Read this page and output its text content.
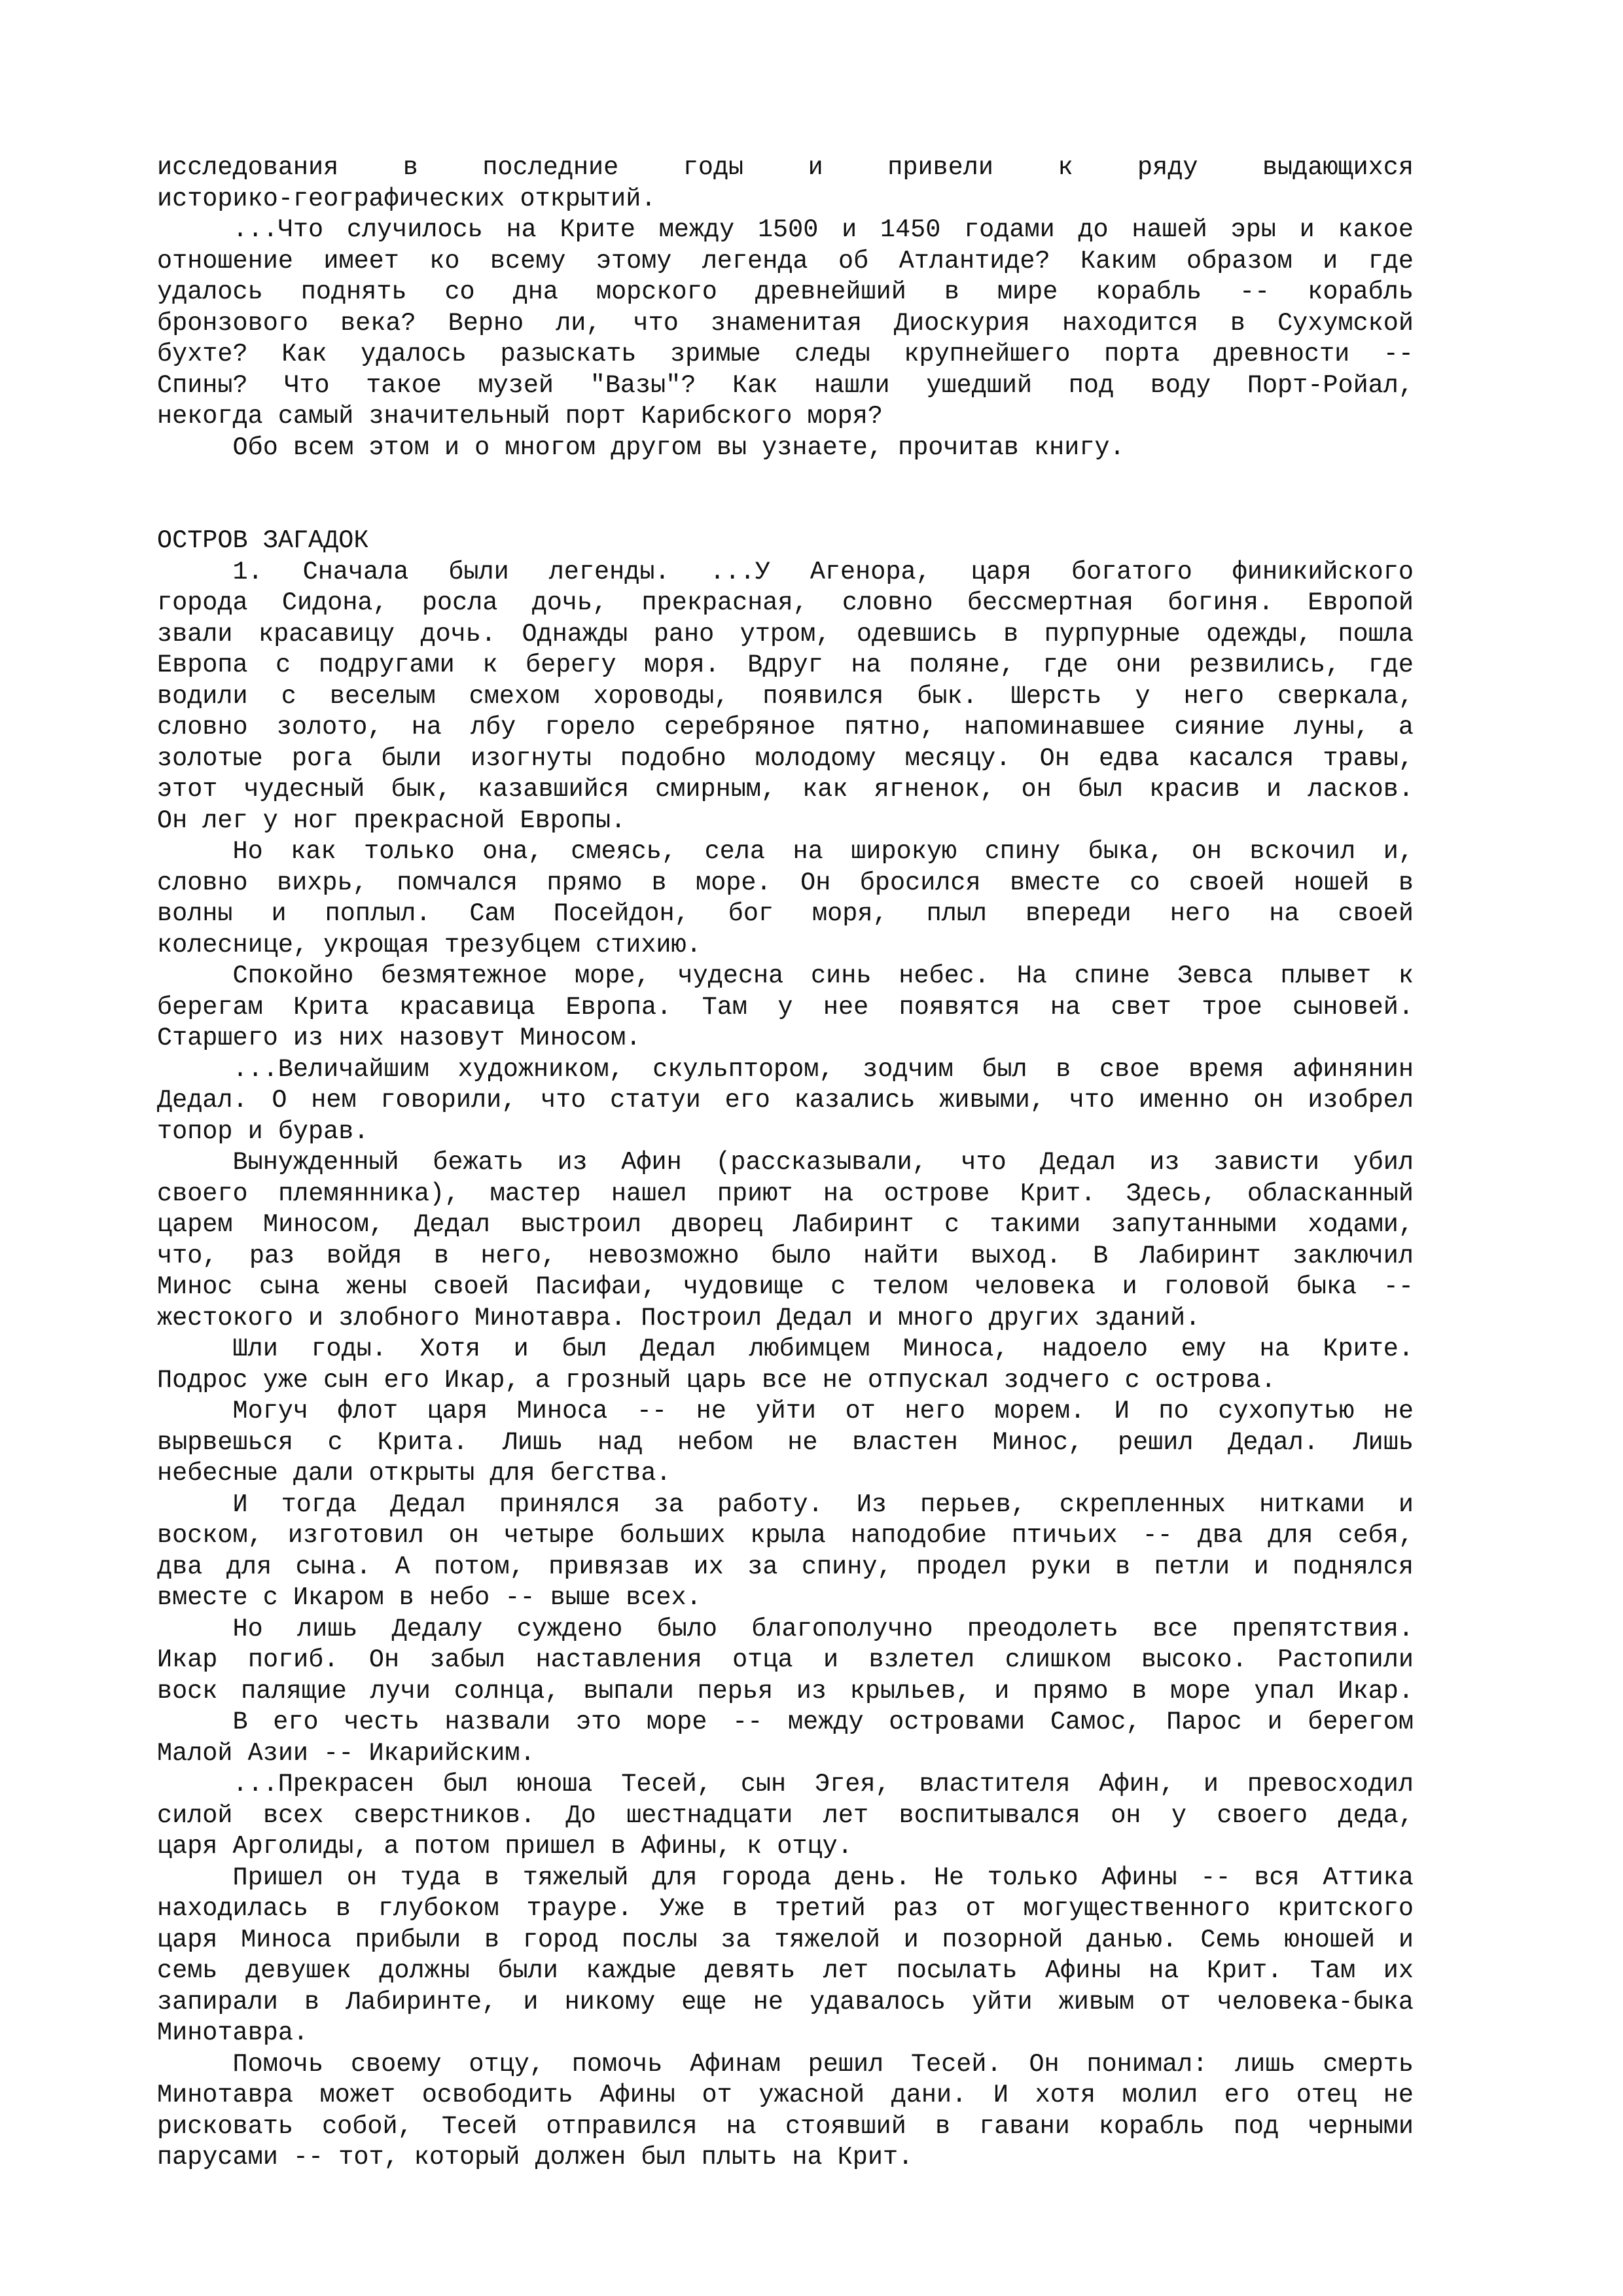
исследования в последние годы и привели к ряду выдающихся
историко-географических открытий.
...Что случилось на Крите между 1500 и 1450 годами до нашей эры и какое
отношение имеет ко всему этому легенда об Атлантиде? Каким образом и где
удалось поднять со дна морского древнейший в мире корабль -- корабль
бронзового века? Верно ли, что знаменитая Диоскурия находится в Сухумской
бухте? Как удалось разыскать зримые следы крупнейшего порта древности --
Спины? Что такое музей "Вазы"? Как нашли ушедший под воду Порт-Ройал,
некогда самый значительный порт Карибского моря?
Обо всем этом и о многом другом вы узнаете, прочитав книгу.
ОСТРОВ ЗАГАДОК
1. Сначала были легенды. ...У Агенора, царя богатого финикийского
города Сидона, росла дочь, прекрасная, словно бессмертная богиня. Европой
звали красавицу дочь. Однажды рано утром, одевшись в пурпурные одежды, пошла
Европа с подругами к берегу моря. Вдруг на поляне, где они резвились, где
водили с веселым смехом хороводы, появился бык. Шерсть у него сверкала,
словно золото, на лбу горело серебряное пятно, напоминавшее сияние луны, а
золотые рога были изогнуты подобно молодому месяцу. Он едва касался травы,
этот чудесный бык, казавшийся смирным, как ягненок, он был красив и ласков.
Он лег у ног прекрасной Европы.
Но как только она, смеясь, села на широкую спину быка, он вскочил и,
словно вихрь, помчался прямо в море. Он бросился вместе со своей ношей в
волны и поплыл. Сам Посейдон, бог моря, плыл впереди него на своей
колеснице, укрощая трезубцем стихию.
Спокойно безмятежное море, чудесна синь небес. На спине Зевса плывет к
берегам Крита красавица Европа. Там у нее появятся на свет трое сыновей.
Старшего из них назовут Миносом.
...Величайшим художником, скульптором, зодчим был в свое время афинянин
Дедал. О нем говорили, что статуи его казались живыми, что именно он изобрел
топор и бурав.
Вынужденный бежать из Афин (рассказывали, что Дедал из зависти убил
своего племянника), мастер нашел приют на острове Крит. Здесь, обласканный
царем Миносом, Дедал выстроил дворец Лабиринт с такими запутанными ходами,
что, раз войдя в него, невозможно было найти выход. В Лабиринт заключил
Минос сына жены своей Пасифаи, чудовище с телом человека и головой быка --
жестокого и злобного Минотавра. Построил Дедал и много других зданий.
Шли годы. Хотя и был Дедал любимцем Миноса, надоело ему на Крите.
Подрос уже сын его Икар, а грозный царь все не отпускал зодчего с острова.
Могуч флот царя Миноса -- не уйти от него морем. И по сухопутью не
вырвешься с Крита. Лишь над небом не властен Минос, решил Дедал. Лишь
небесные дали открыты для бегства.
И тогда Дедал принялся за работу. Из перьев, скрепленных нитками и
воском, изготовил он четыре больших крыла наподобие птичьих -- два для себя,
два для сына. А потом, привязав их за спину, продел руки в петли и поднялся
вместе с Икаром в небо -- выше всех.
Но лишь Дедалу суждено было благополучно преодолеть все препятствия.
Икар погиб. Он забыл наставления отца и взлетел слишком высоко. Растопили
воск палящие лучи солнца, выпали перья из крыльев, и прямо в море упал Икар.
В его честь назвали это море -- между островами Самос, Парос и берегом
Малой Азии -- Икарийским.
...Прекрасен был юноша Тесей, сын Эгея, властителя Афин, и превосходил
силой всех сверстников. До шестнадцати лет воспитывался он у своего деда,
царя Арголиды, а потом пришел в Афины, к отцу.
Пришел он туда в тяжелый для города день. Не только Афины -- вся Аттика
находилась в глубоком трауре. Уже в третий раз от могущественного критского
царя Миноса прибыли в город послы за тяжелой и позорной данью. Семь юношей и
семь девушек должны были каждые девять лет посылать Афины на Крит. Там их
запирали в Лабиринте, и никому еще не удавалось уйти живым от человека-быка
Минотавра.
Помочь своему отцу, помочь Афинам решил Тесей. Он понимал: лишь смерть
Минотавра может освободить Афины от ужасной дани. И хотя молил его отец не
рисковать собой, Тесей отправился на стоявший в гавани корабль под черными
парусами -- тот, который должен был плыть на Крит.
